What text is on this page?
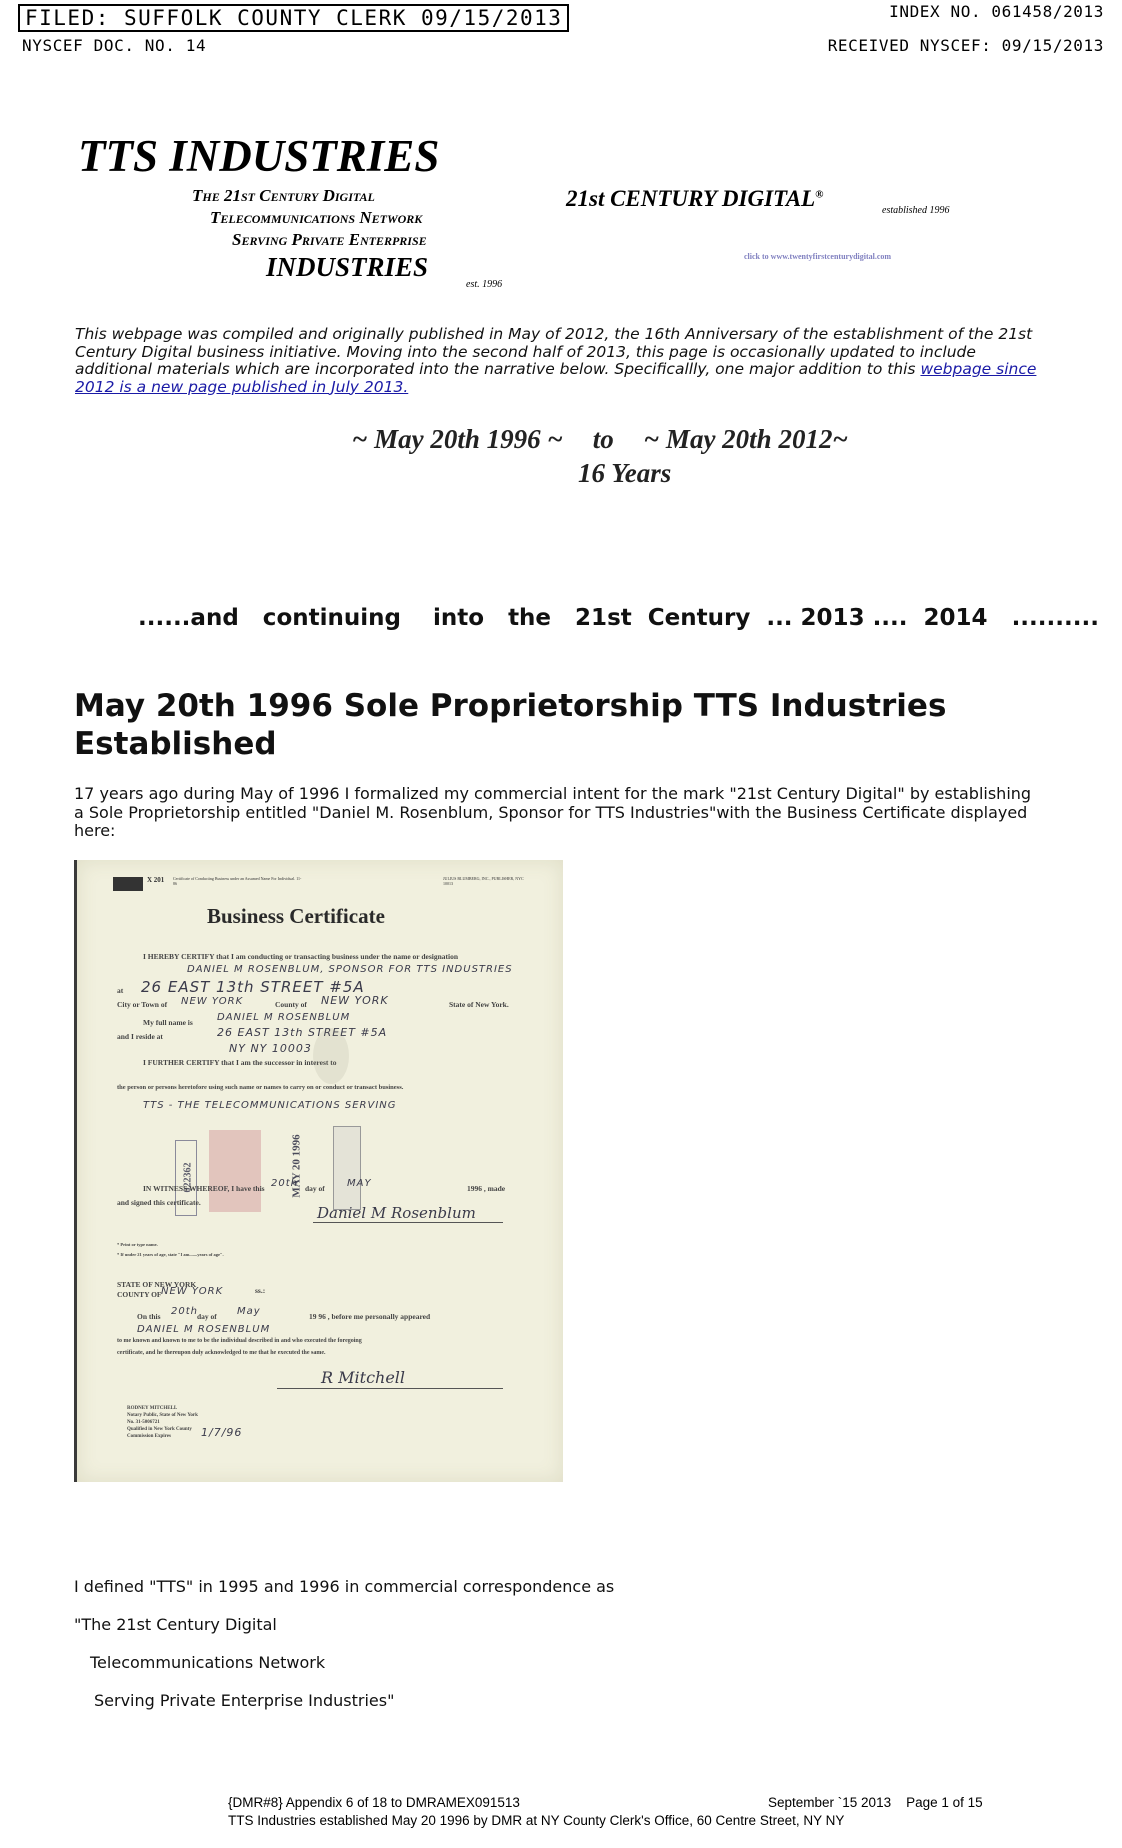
FILED: SUFFOLK COUNTY CLERK 09/15/2013	INDEX NO. 061458/2013
NYSCEF DOC. NO. 14	RECEIVED NYSCEF: 09/15/2013
TTS INDUSTRIES
The 21st Century Digital
Telecommunications Network
Serving Private Enterprise
INDUSTRIES
est. 1996
21st CENTURY DIGITAL®
established 1996
click to www.twentyfirstcenturydigital.com
This webpage was compiled and originally published in May of 2012, the 16th Anniversary of the establishment of the 21st Century Digital business initiative. Moving into the second half of 2013, this page is occasionally updated to include additional materials which are incorporated into the narrative below. Specificallly, one major addition to this webpage since 2012 is a new page published in July 2013.
~ May 20th 1996 ~ to ~ May 20th 2012~
16 Years
......and   continuing    into   the   21st  Century  ... 2013 ....  2014   ..........
May 20th 1996 Sole Proprietorship TTS Industries Established
17 years ago during May of 1996 I formalized my commercial intent for the mark "21st Century Digital" by establishing a Sole Proprietorship entitled "Daniel M. Rosenblum, Sponsor for TTS Industries"with the Business Certificate displayed here:
X 201 Certificate of Conducting Business under an Assumed Name For Individual. 11-86
JULIUS BLUMBERG, INC., PUBLISHER, NYC 10013
Business Certificate
I HEREBY CERTIFY that I am conducting or transacting business under the name or designation
DANIEL M ROSENBLUM, SPONSOR FOR TTS INDUSTRIES
at 26 EAST 13th STREET #5A
City or Town of NEW YORK	County of NEW YORK	State of New York.
My full name is DANIEL M ROSENBLUM
and I reside at	26 EAST 13th STREET #5A
NY NY 10003
I FURTHER CERTIFY that I am the successor in interest to
the person or persons heretofore using such name or names to carry on or conduct or transact business.
TTS - THE TELECOMMUNICATIONS SERVING
022362	MAY 20 1996
IN WITNESS WHEREOF, I have this 20th day of MAY	1996 , made
and signed this certificate.
Daniel M Rosenblum
* Print or type name.
* If under 21 years of age, state "I am.......years of age".
STATE OF NEW YORK
COUNTY OF NEW YORK	ss.:
On this 20th day of May	19 96 , before me personally appeared
DANIEL M ROSENBLUM
to me known and known to me to be the individual described in and who executed the foregoing
certificate, and he thereupon duly acknowledged to me that he executed the same.
RODNEY MITCHELL
Notary Public, State of New York
No. 31-5006721
Qualified in New York County
Commission Expires	1/7/96
R Mitchell
I defined "TTS" in 1995 and 1996 in commercial correspondence as
"The 21st Century Digital
Telecommunications Network
Serving Private Enterprise Industries"
{DMR#8} Appendix 6 of 18 to DMRAMEX091513	September `15 2013    Page 1 of 15
TTS Industries established May 20 1996 by DMR at NY County Clerk's Office, 60 Centre Street, NY NY
